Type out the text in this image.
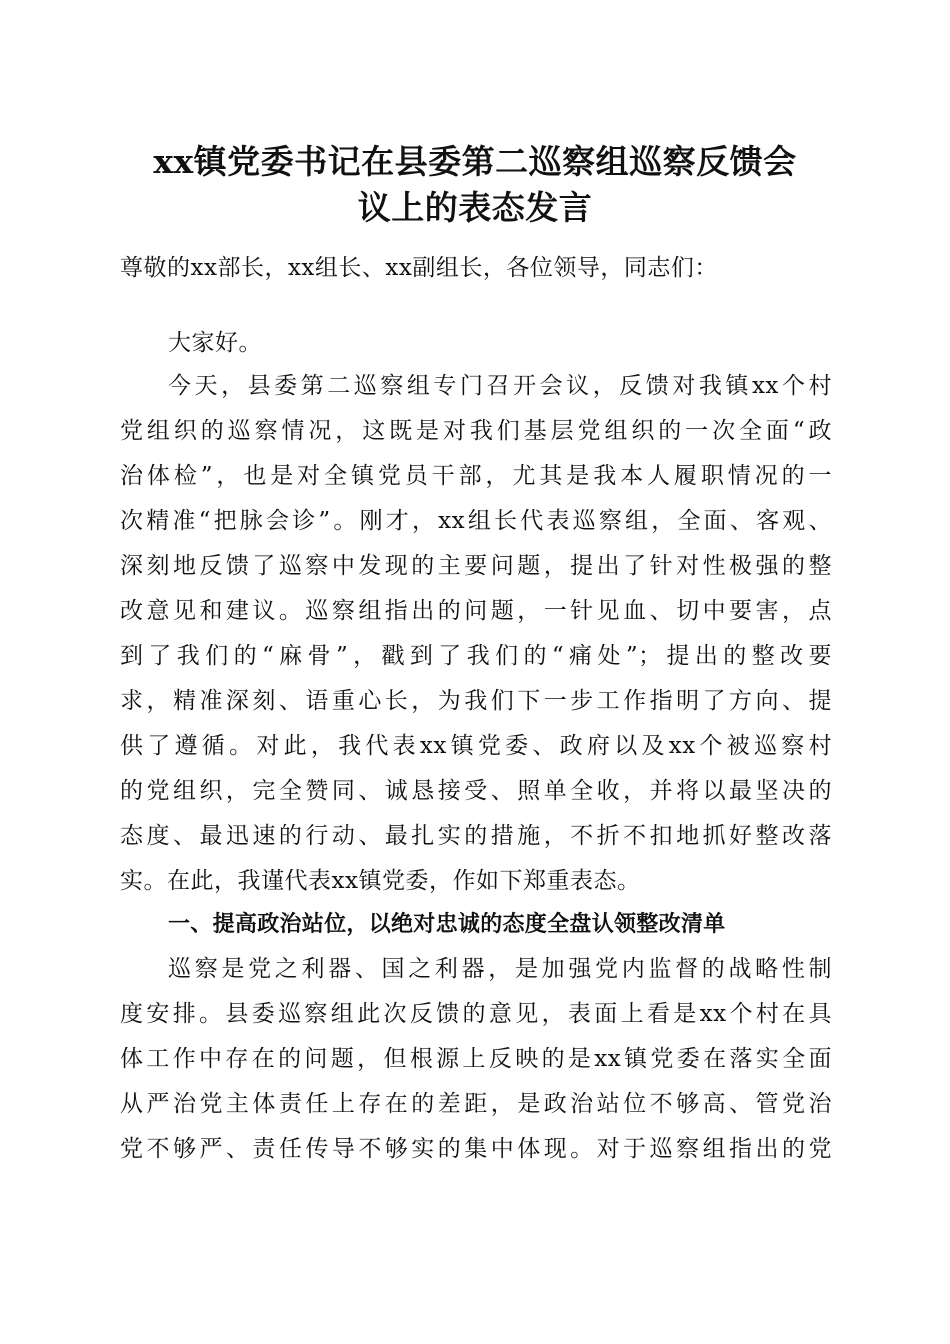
xx镇党委书记在县委第二巡察组巡察反馈会
议上的表态发言
尊敬的xx部长，xx组长、xx副组长，各位领导，同志们：
大家好。
今天，县委第二巡察组专门召开会议，反馈对我镇xx个村
党组织的巡察情况，这既是对我们基层党组织的一次全面“政
治体检”，也是对全镇党员干部，尤其是我本人履职情况的一
次精准“把脉会诊”。刚才，xx组长代表巡察组，全面、客观、
深刻地反馈了巡察中发现的主要问题，提出了针对性极强的整
改意见和建议。巡察组指出的问题，一针见血、切中要害，点
到了我们的“麻骨”，戳到了我们的“痛处”；提出的整改要
求，精准深刻、语重心长，为我们下一步工作指明了方向、提
供了遵循。对此，我代表xx镇党委、政府以及xx个被巡察村
的党组织，完全赞同、诚恳接受、照单全收，并将以最坚决的
态度、最迅速的行动、最扎实的措施，不折不扣地抓好整改落
实。在此，我谨代表xx镇党委，作如下郑重表态。
一、提高政治站位，以绝对忠诚的态度全盘认领整改清单
巡察是党之利器、国之利器，是加强党内监督的战略性制
度安排。县委巡察组此次反馈的意见，表面上看是xx个村在具
体工作中存在的问题，但根源上反映的是xx镇党委在落实全面
从严治党主体责任上存在的差距，是政治站位不够高、管党治
党不够严、责任传导不够实的集中体现。对于巡察组指出的党
